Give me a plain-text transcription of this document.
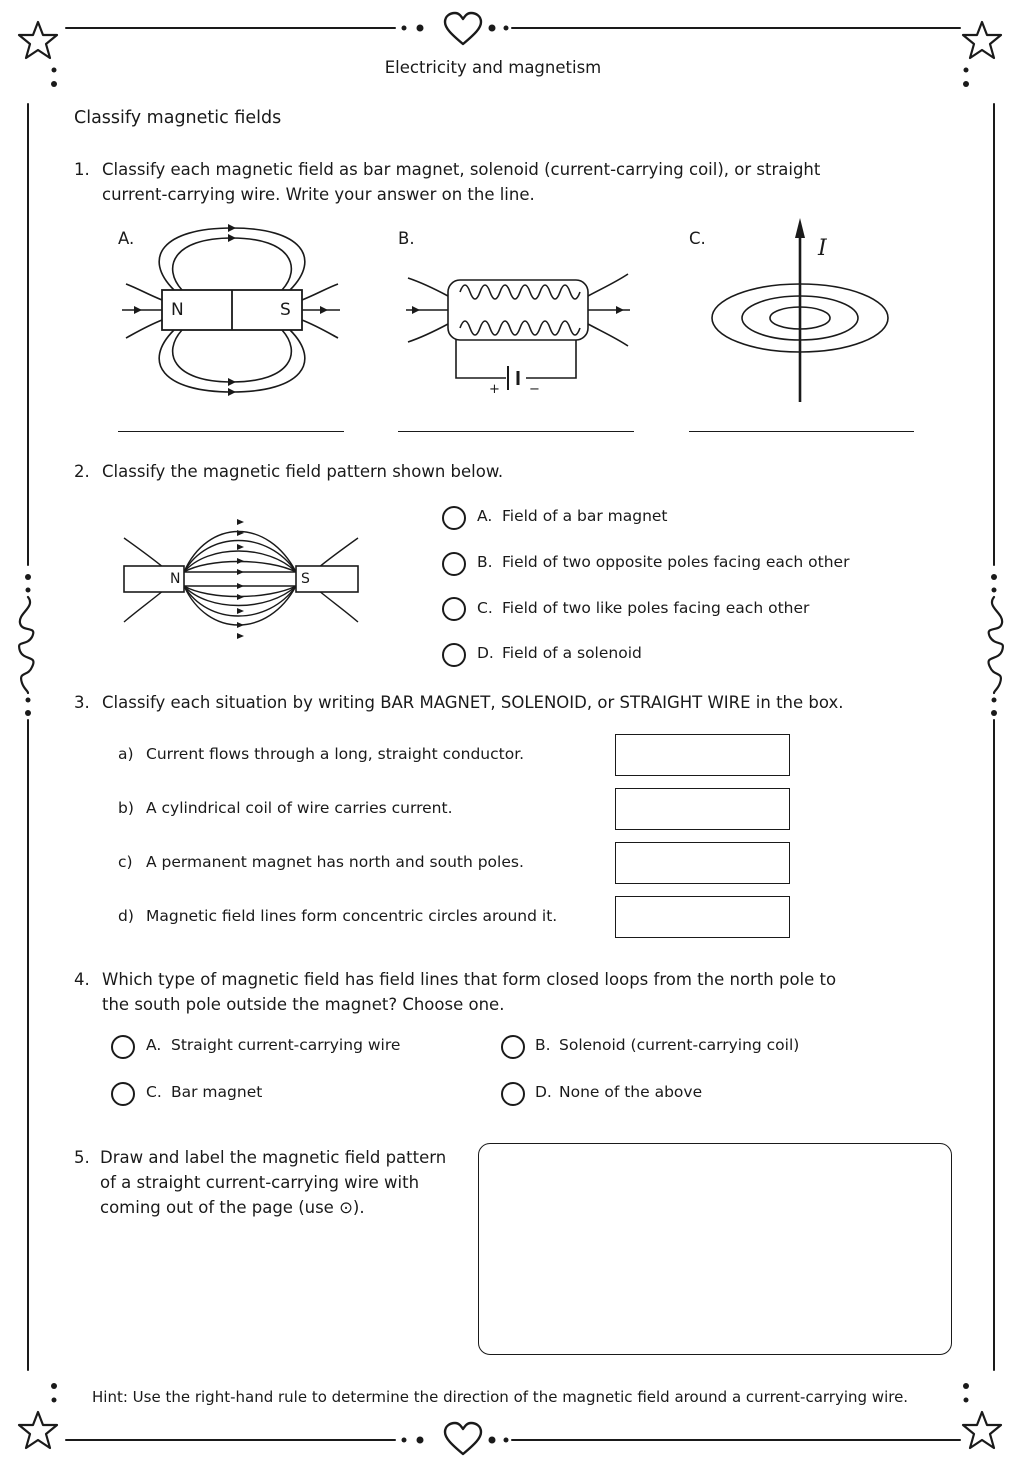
Electricity and magnetism
Classify magnetic fields
1. Classify each magnetic field as bar magnet, solenoid (current-carrying coil), or straight
current-carrying wire. Write your answer on the line.
A.	B.	C.
N	S
+ −
I
2. Classify the magnetic field pattern shown below.
N	S
A. Field of a bar magnet
B. Field of two opposite poles facing each other
C. Field of two like poles facing each other
D. Field of a solenoid
3. Classify each situation by writing BAR MAGNET, SOLENOID, or STRAIGHT WIRE in the box.
a) Current flows through a long, straight conductor.
b) A cylindrical coil of wire carries current.
c) A permanent magnet has north and south poles.
d) Magnetic field lines form concentric circles around it.
4. Which type of magnetic field has field lines that form closed loops from the north pole to
the south pole outside the magnet? Choose one.
A. Straight current-carrying wire	B. Solenoid (current-carrying coil)
C. Bar magnet	D. None of the above
5. Draw and label the magnetic field pattern
of a straight current-carrying wire with
coming out of the page (use ⊙).
Hint: Use the right-hand rule to determine the direction of the magnetic field around a current-carrying wire.
